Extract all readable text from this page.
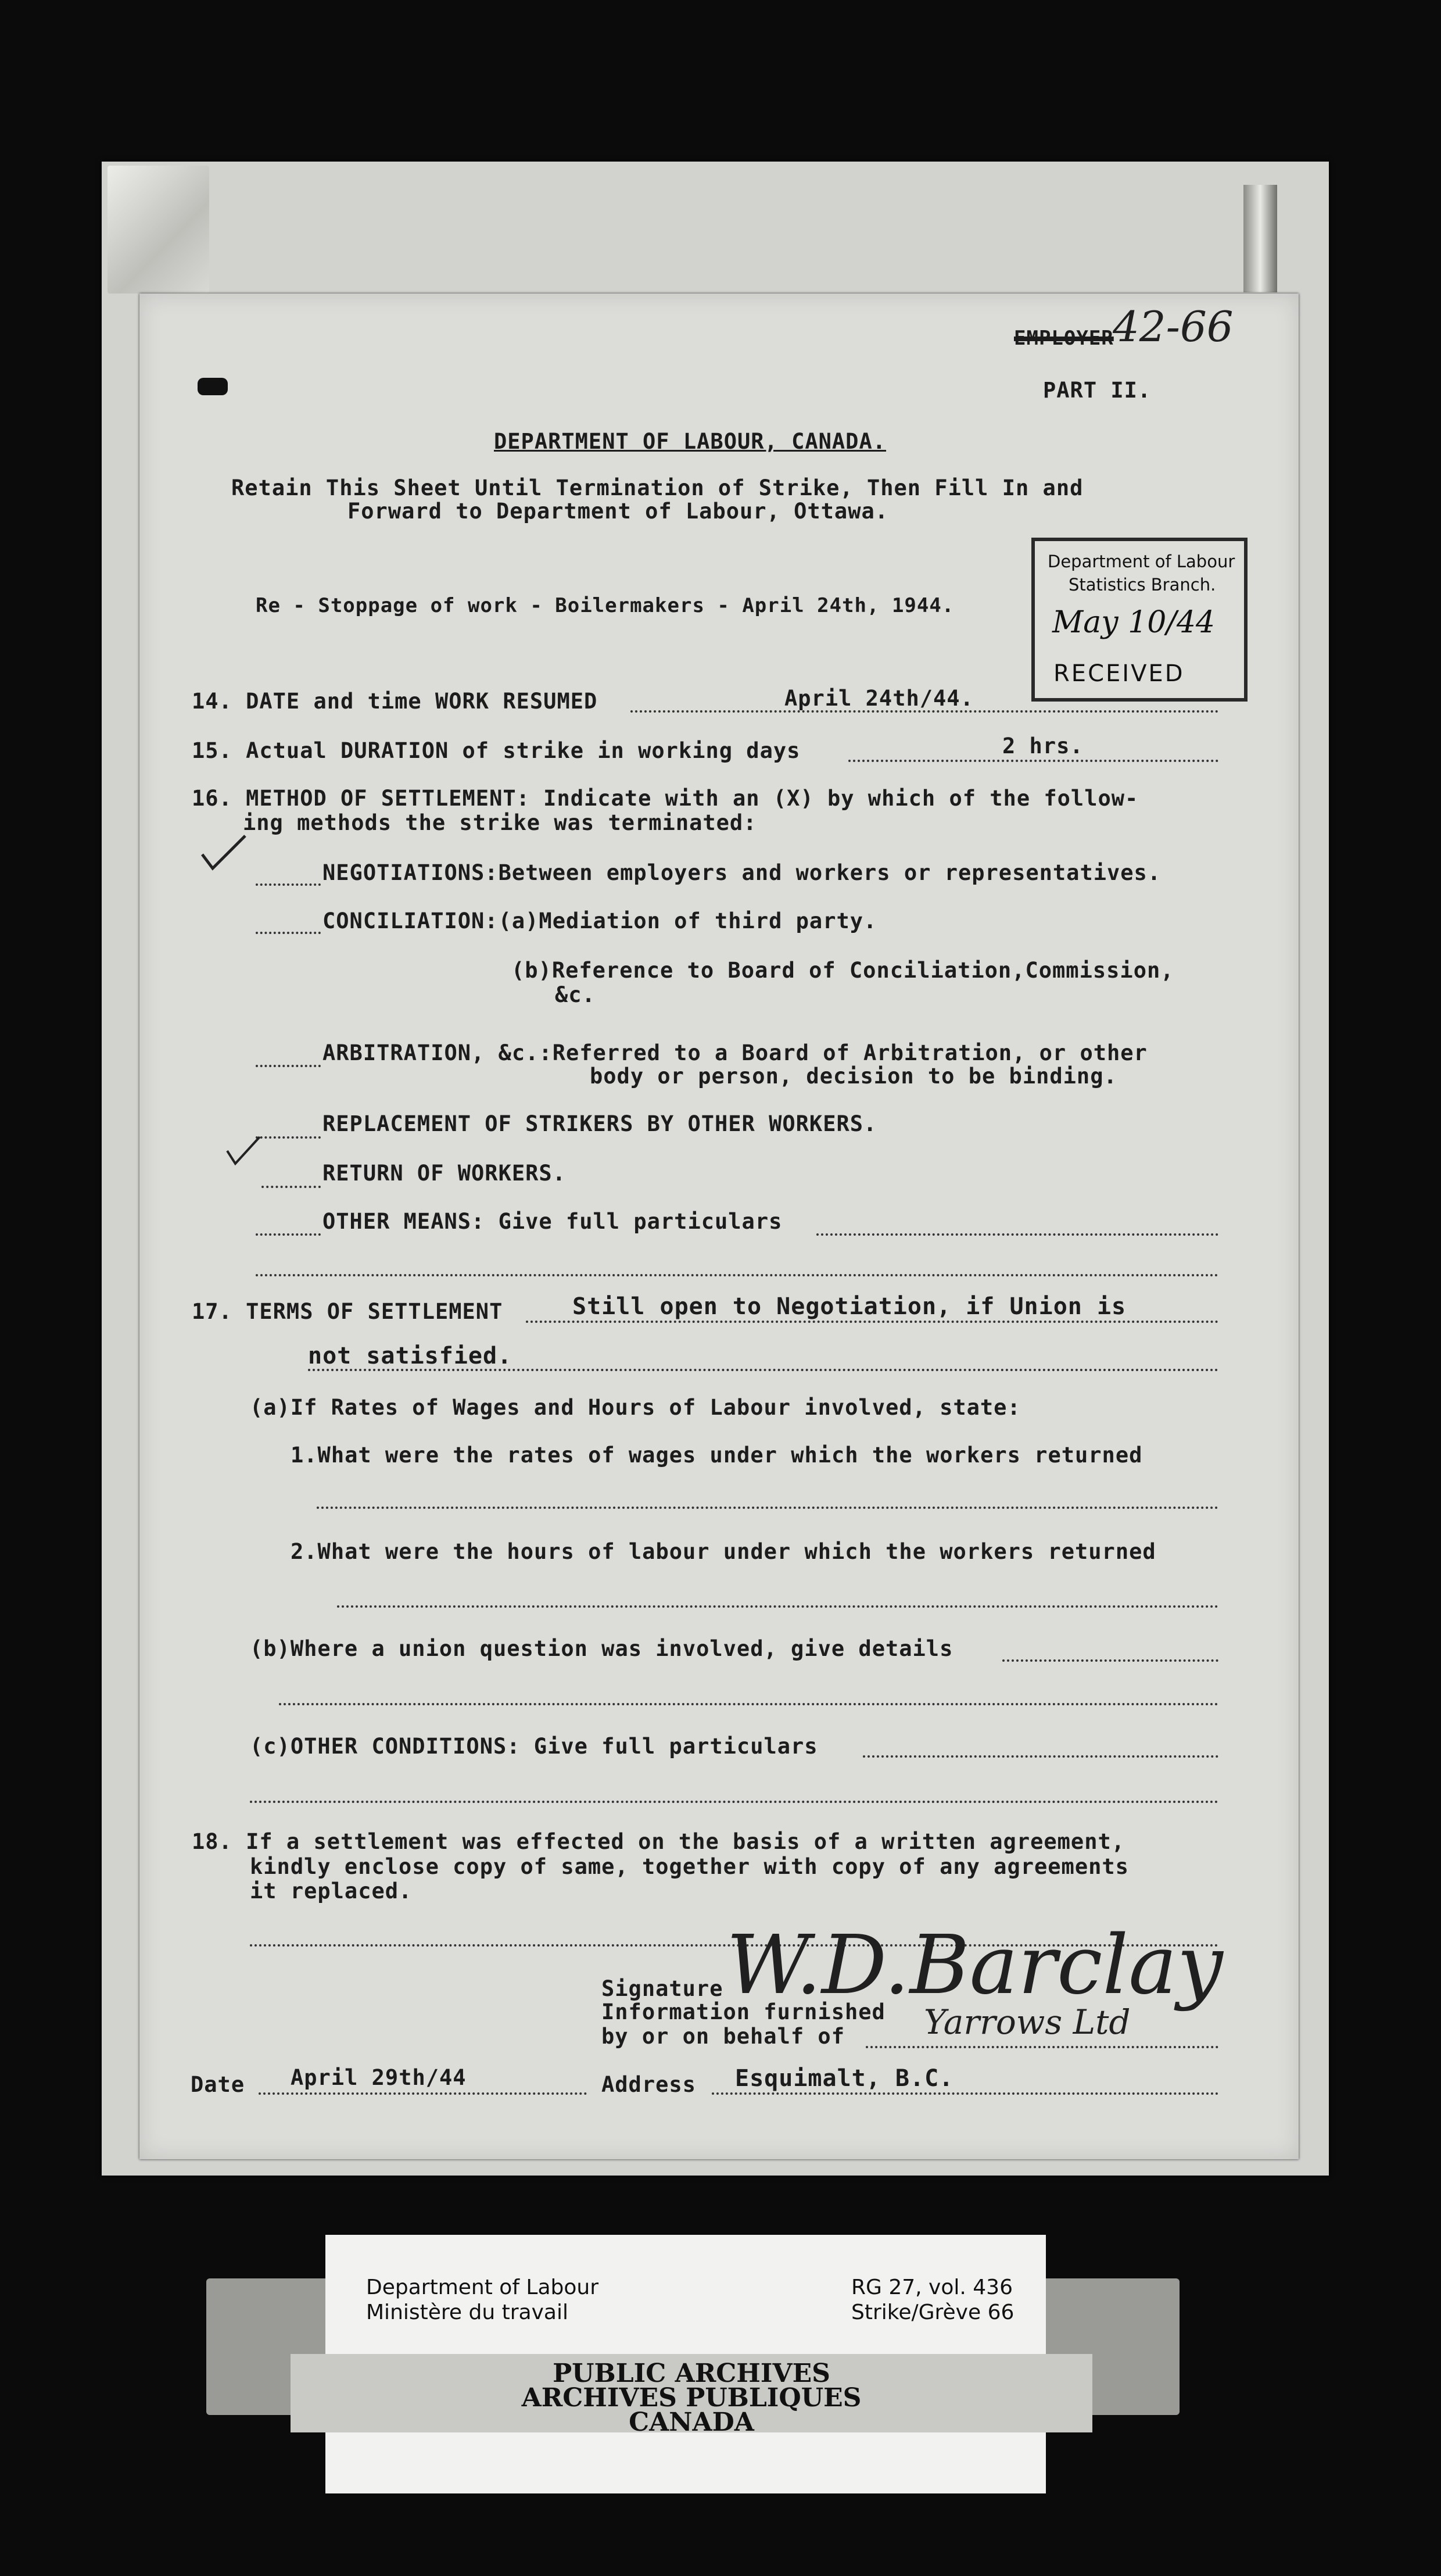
EMPLOYER
42-66
PART II.
DEPARTMENT OF LABOUR, CANADA.
Retain This Sheet Until Termination of Strike, Then Fill In and
Forward to Department of Labour, Ottawa.
Re - Stoppage of work - Boilermakers - April 24th, 1944.
Department of Labour
Statistics Branch.
May 10/44
RECEIVED
14. DATE and time WORK RESUMED	April 24th/44.
15. Actual DURATION of strike in working days	2 hrs.
16. METHOD OF SETTLEMENT: Indicate with an (X) by which of the follow-
ing methods the strike was terminated:
NEGOTIATIONS:Between employers and workers or representatives.
CONCILIATION:(a)Mediation of third party.
(b)Reference to Board of Conciliation,Commission,
&c.
ARBITRATION, &c.:Referred to a Board of Arbitration, or other
body or person, decision to be binding.
REPLACEMENT OF STRIKERS BY OTHER WORKERS.
RETURN OF WORKERS.
OTHER MEANS: Give full particulars
17. TERMS OF SETTLEMENT	Still open to Negotiation, if Union is
not satisfied.
(a)If Rates of Wages and Hours of Labour involved, state:
1.What were the rates of wages under which the workers returned
2.What were the hours of labour under which the workers returned
(b)Where a union question was involved, give details
(c)OTHER CONDITIONS: Give full particulars
18. If a settlement was effected on the basis of a written agreement,
kindly enclose copy of same, together with copy of any agreements
it replaced.
Signature W.D.Barclay
Information furnished
by or on behalf of Yarrows Ltd
Date April 29th/44	Address Esquimalt, B.C.
Department of Labour
Ministère du travail
RG 27, vol. 436
Strike/Grève 66
PUBLIC ARCHIVES
ARCHIVES PUBLIQUES
CANADA
